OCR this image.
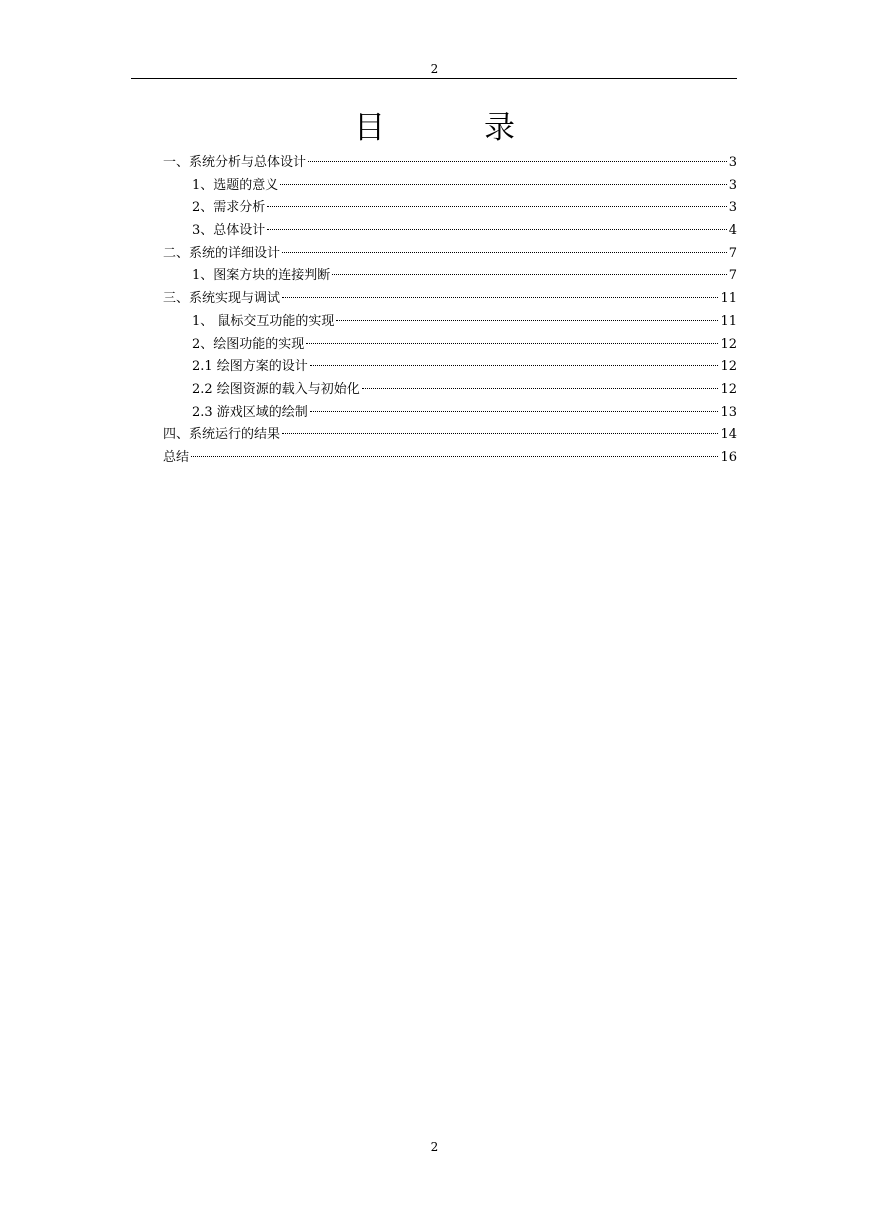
2
目　录
一、系统分析与总体设计	3
1、选题的意义	3
2、需求分析	3
3、总体设计	4
二、系统的详细设计	7
1、图案方块的连接判断	7
三、系统实现与调试	11
1、 鼠标交互功能的实现	11
2、绘图功能的实现	12
2.1 绘图方案的设计	12
2.2 绘图资源的载入与初始化	12
2.3 游戏区域的绘制	13
四、系统运行的结果	14
总结	16
2
